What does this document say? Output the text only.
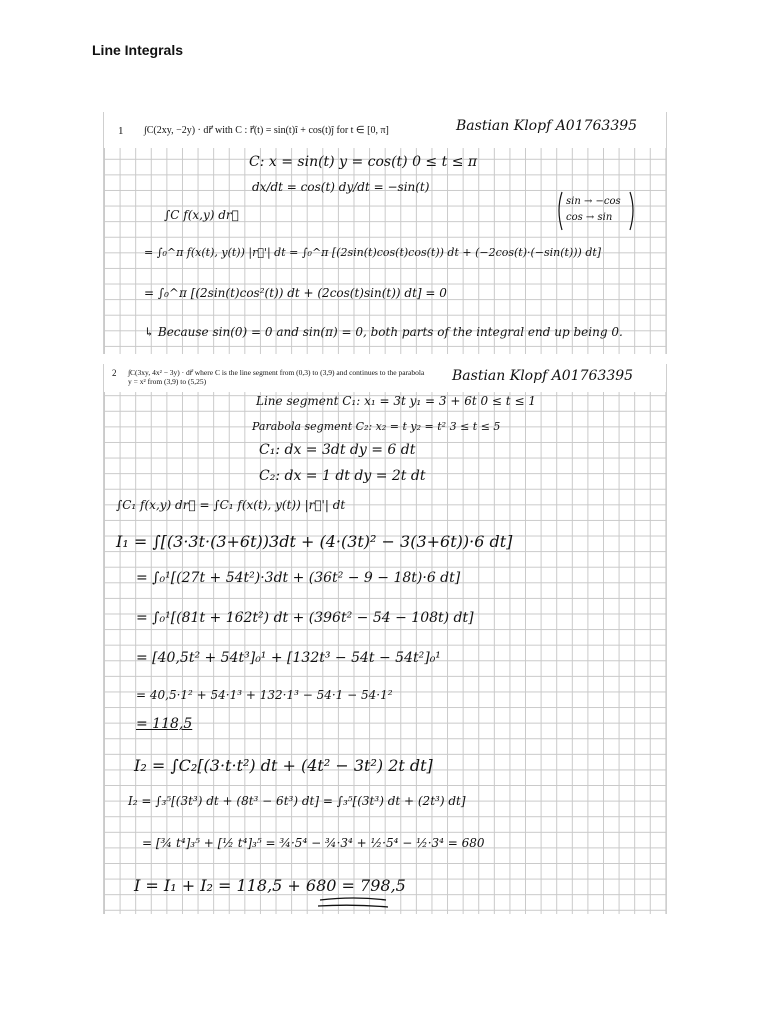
Line Integrals
1 ∫C(2xy, −2y) · dr⃗ with C : r⃗(t) = sin(t)î + cos(t)ĵ for t ∈ [0, π]	Bastian Klopf A01763395
C: x = sin(t) y = cos(t) 0 ≤ t ≤ π
dx/dt = cos(t) dy/dt = −sin(t)
∫C f(x,y) dr⃗
= ∫₀^π f(x(t), y(t)) |r⃗'| dt = ∫₀^π [(2sin(t)cos(t)cos(t)) dt + (−2cos(t)·(−sin(t))) dt]
= ∫₀^π [(2sin(t)cos²(t)) dt + (2cos(t)sin(t)) dt] = 0
↳ Because sin(0) = 0 and sin(π) = 0, both parts of the integral end up being 0.
sin → −cos
cos → sin
2 ∫C(3xy, 4x² − 3y) · dr⃗ where C is the line segment from (0,3) to (3,9) and continues to the parabola y = x² from (3,9) to (5,25)	Bastian Klopf A01763395
Line segment C₁: x₁ = 3t y₁ = 3 + 6t 0 ≤ t ≤ 1
Parabola segment C₂: x₂ = t y₂ = t² 3 ≤ t ≤ 5
C₁: dx = 3dt dy = 6 dt
C₂: dx = 1 dt dy = 2t dt
∫C₁ f(x,y) dr⃗ = ∫C₁ f(x(t), y(t)) |r⃗'| dt
I₁ = ∫[(3·3t·(3+6t))3dt + (4·(3t)² − 3(3+6t))·6 dt]
= ∫₀¹[(27t + 54t²)·3dt + (36t² − 9 − 18t)·6 dt]
= ∫₀¹[(81t + 162t²) dt + (396t² − 54 − 108t) dt]
= [40,5t² + 54t³]₀¹ + [132t³ − 54t − 54t²]₀¹
= 40,5·1² + 54·1³ + 132·1³ − 54·1 − 54·1²
= 118,5
I₂ = ∫C₂[(3·t·t²) dt + (4t² − 3t²) 2t dt]
I₂ = ∫₃⁵[(3t³) dt + (8t³ − 6t³) dt] = ∫₃⁵[(3t³) dt + (2t³) dt]
= [¾ t⁴]₃⁵ + [½ t⁴]₃⁵ = ¾·5⁴ − ¾·3⁴ + ½·5⁴ − ½·3⁴ = 680
I = I₁ + I₂ = 118,5 + 680 = 798,5
